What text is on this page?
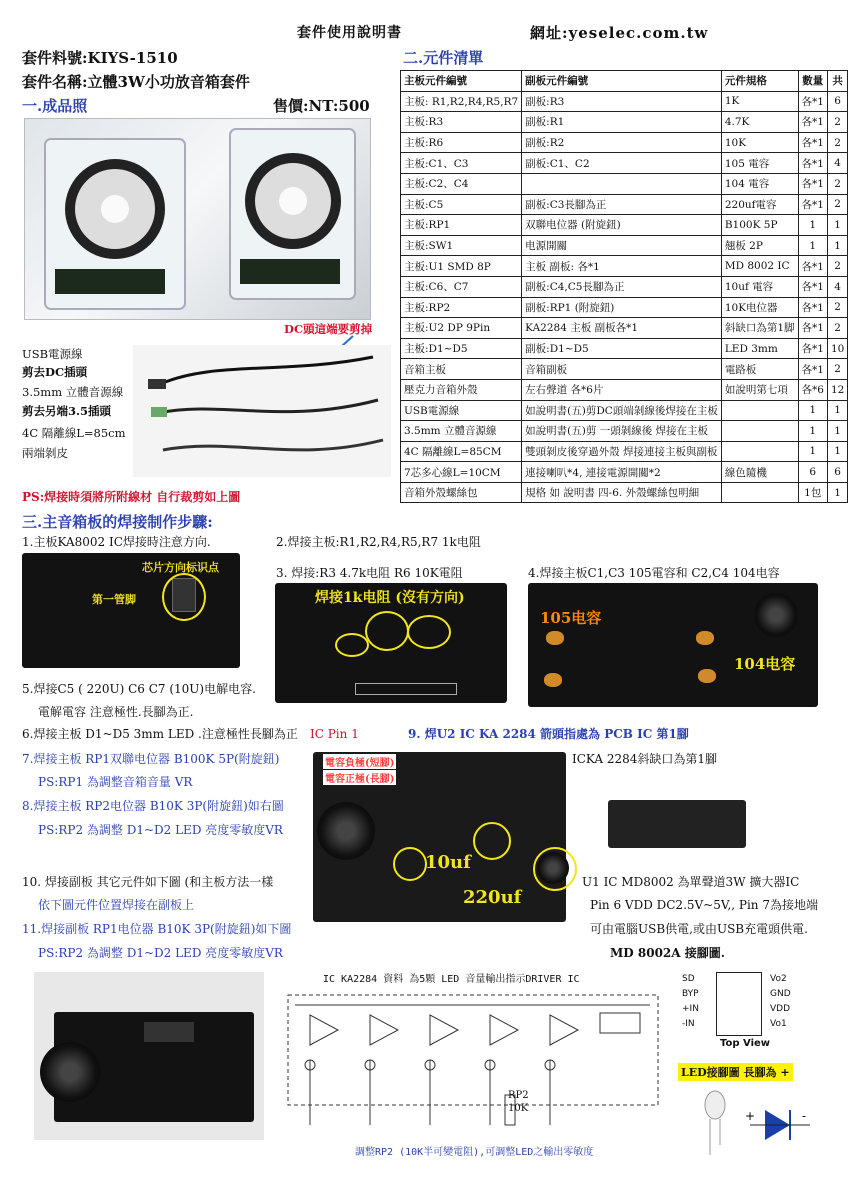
套件使用說明書	網址:yeselec.com.tw
套件料號:KIYS-1510
套件名稱:立體3W小功放音箱套件
一.成品照	售價:NT:500
二.元件清單
DC頭這端要剪掉
USB電源線
剪去DC插頭
3.5mm 立體音源線
剪去另端3.5插頭
4C 隔離線L=85cm
兩端剝皮
PS:焊接時須將所附線材 自行裁剪如上圖
主板元件編號	副板元件編號	元件規格	數量	共
主板: R1,R2,R4,R5,R7	副板:R3	1K	各*1	6
主板:R3	副板:R1	4.7K	各*1	2
主板:R6	副板:R2	10K	各*1	2
主板:C1、C3	副板:C1、C2	105 電容	各*1	4
主板:C2、C4		104 電容	各*1	2
主板:C5	副板:C3長腳為正	220uf電容	各*1	2
主板:RP1	双聯电位器 (附旋鈕)	B100K 5P	1	1
主板:SW1	电源開關	翹板 2P	1	1
主板:U1 SMD 8P	主板 副板: 各*1	MD 8002 IC	各*1	2
主板:C6、C7	副板:C4,C5長腳為正	10uf 電容	各*1	4
主板:RP2	副板:RP1 (附旋鈕)	10K电位器	各*1	2
主板:U2 DP 9Pin	KA2284 主板 副板各*1	斜缺口為第1脚	各*1	2
主板:D1~D5	副板:D1~D5	LED 3mm	各*1	10
音箱主板	音箱副板	電路板	各*1	2
壓克力音箱外殼	左右聲道 各*6片	如說明第七項	各*6	12
USB電源線	如說明書(五)剪DC頭端剝線後焊接在主板		1	1
3.5mm 立體音源線	如說明書(五)剪 一頭剝線後 焊接在主板		1	1
4C 隔離線L=85CM	雙頭剝皮後穿過外殼 焊接連接主板與副板		1	1
7芯多心線L=10CM	連接喇叭*4, 連接電源開關*2	線色隨機	6	6
音箱外殼螺絲包	規格 如 說明書 四-6. 外殼螺絲包明細		1包	1
三.主音箱板的焊接制作步驟:
1.主板KA8002 IC焊接時注意方向.	2.焊接主板:R1,R2,R4,R5,R7 1k电阻
3. 焊接:R3 4.7k电阻 R6 10K電阻	4.焊接主板C1,C3 105電容和 C2,C4 104电容
芯片方向标识点
第一管脚	焊接1k电阻 (沒有方向)
105电容
104电容
5.焊接C5 ( 220U) C6 C7 (10U)电解电容.
電解電容 注意極性.長腳為正.
6.焊接主板 D1~D5 3mm LED .注意極性長腳為正 IC Pin 1	9. 焊U2 IC KA 2284 箭頭指處為 PCB IC 第1腳
7.焊接主板 RP1双聯电位器 B100K 5P(附旋鈕)
PS:RP1 為調整音箱音量 VR
8.焊接主板 RP2电位器 B10K 3P(附旋鈕)如右圖
PS:RP2 為調整 D1~D2 LED 亮度零敏度VR
電容負極(短腳)
電容正極(長腳)
10uf
220uf
ICKA 2284斜缺口為第1腳
10. 焊接副板 其它元件如下圖 (和主板方法一樣
依下圖元件位置焊接在副板上
11.焊接副板 RP1电位器 B10K 3P(附旋鈕)如下圖
PS:RP2 為調整 D1~D2 LED 亮度零敏度VR
U1 IC MD8002 為單聲道3W 擴大器IC
Pin 6 VDD DC2.5V~5V,, Pin 7為接地端
可由電腦USB供電,或由USB充電頭供電.
MD 8002A 接腳圖.
IC KA2284 資料 為5顆 LED 音量輸出指示DRIVER IC
RP2
10K
調整RP2 (10K半可變電阻),可調整LED之輸出零敏度
SD
BYP
+IN
-IN
Vo2
GND
VDD
Vo1
Top View
LED接腳圖 長腳為 +
+	-
